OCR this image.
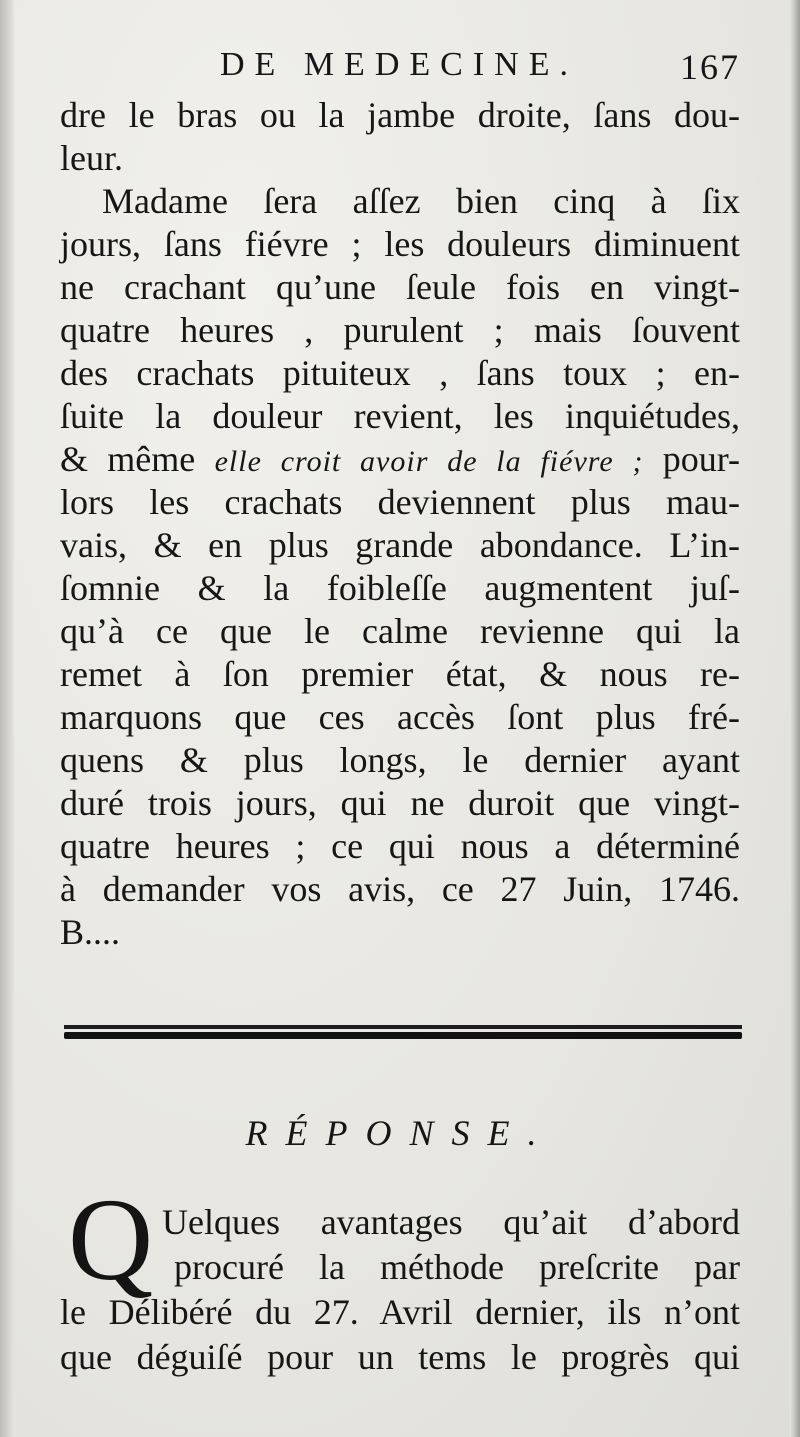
DE MEDECINE.	167
dre le bras ou la jambe droite, ſans dou-
leur.
Madame ſera aſſez bien cinq à ſix
jours, ſans fiévre ; les douleurs diminuent
ne crachant qu’une ſeule fois en vingt-
quatre heures , purulent ; mais ſouvent
des crachats pituiteux , ſans toux ; en-
ſuite la douleur revient, les inquiétudes,
& même elle croit avoir de la fiévre ; pour-
lors les crachats deviennent plus mau-
vais, & en plus grande abondance. L’in-
ſomnie & la foibleſſe augmentent juſ-
qu’à ce que le calme revienne qui la
remet à ſon premier état, & nous re-
marquons que ces accès ſont plus fré-
quens & plus longs, le dernier ayant
duré trois jours, qui ne duroit que vingt-
quatre heures ; ce qui nous a déterminé
à demander vos avis, ce 27 Juin, 1746.
B....
RÉPONSE.
Q Uelques avantages qu’ait d’abord
procuré la méthode preſcrite par
le Délibéré du 27. Avril dernier, ils n’ont
que déguiſé pour un tems le progrès qui
